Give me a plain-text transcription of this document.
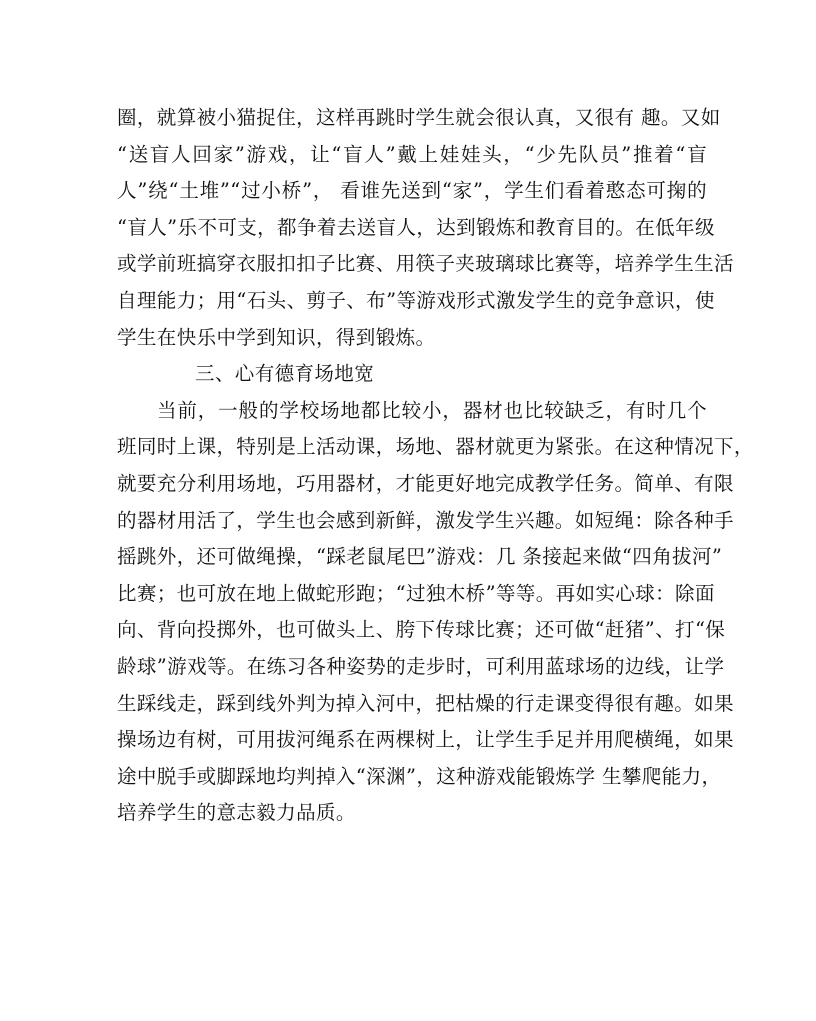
圈，就算被小猫捉住，这样再跳时学生就会很认真，又很有 趣。又如
“送盲人回家”游戏，让“盲人”戴上娃娃头，“少先队员”推着“盲
人”绕“土堆”“过小桥”， 看谁先送到“家”，学生们看着憨态可掬的
“盲人”乐不可支，都争着去送盲人，达到锻炼和教育目的。在低年级
或学前班搞穿衣服扣扣子比赛、用筷子夹玻璃球比赛等，培养学生生活
自理能力；用“石头、剪子、布”等游戏形式激发学生的竞争意识，使
学生在快乐中学到知识，得到锻炼。
三、心有德育场地宽
当前，一般的学校场地都比较小，器材也比较缺乏，有时几个
班同时上课，特别是上活动课，场地、器材就更为紧张。在这种情况下，
就要充分利用场地，巧用器材，才能更好地完成教学任务。简单、有限
的器材用活了，学生也会感到新鲜，激发学生兴趣。如短绳：除各种手
摇跳外，还可做绳操，“踩老鼠尾巴”游戏：几 条接起来做“四角拔河”
比赛；也可放在地上做蛇形跑；“过独木桥”等等。再如实心球：除面
向、背向投掷外，也可做头上、胯下传球比赛；还可做“赶猪”、打“保
龄球”游戏等。在练习各种姿势的走步时，可利用蓝球场的边线，让学
生踩线走，踩到线外判为掉入河中，把枯燥的行走课变得很有趣。如果
操场边有树，可用拔河绳系在两棵树上，让学生手足并用爬横绳，如果
途中脱手或脚踩地均判掉入“深渊”，这种游戏能锻炼学 生攀爬能力，
培养学生的意志毅力品质。
